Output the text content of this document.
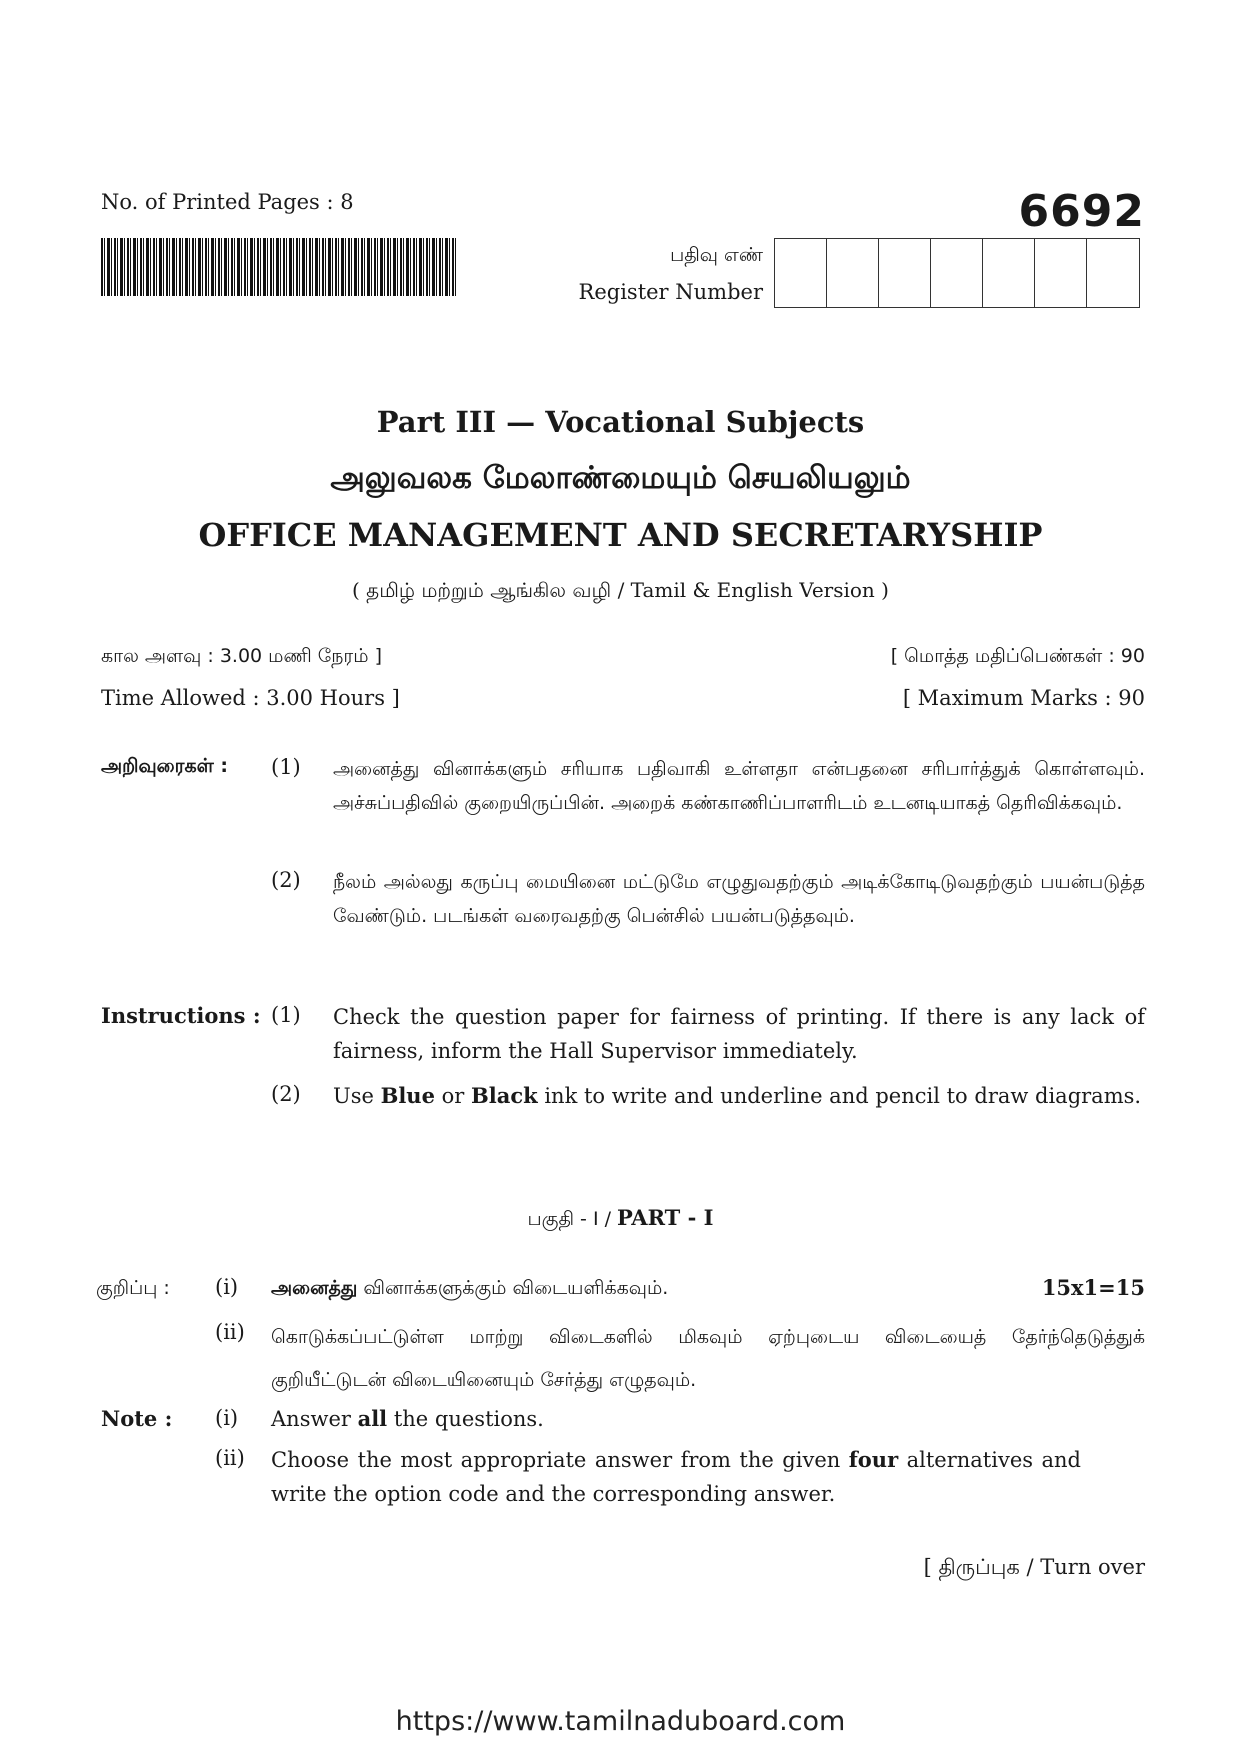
No. of Printed Pages : 8	6692
பதிவு எண்
Register Number
Part III — Vocational Subjects
அலுவலக மேலாண்மையும் செயலியலும்
OFFICE MANAGEMENT AND SECRETARYSHIP
( தமிழ் மற்றும் ஆங்கில வழி / Tamil & English Version )
கால அளவு : 3.00 மணி நேரம் ]	[ மொத்த மதிப்பெண்கள் : 90
Time Allowed : 3.00 Hours ]	[ Maximum Marks : 90
அறிவுரைகள் : (1) அனைத்து வினாக்களும் சரியாக பதிவாகி உள்ளதா என்பதனை சரிபார்த்துக் கொள்ளவும். அச்சுப்பதிவில் குறையிருப்பின். அறைக் கண்காணிப்பாளரிடம் உடனடியாகத் தெரிவிக்கவும்.
(2) நீலம் அல்லது கருப்பு மையினை மட்டுமே எழுதுவதற்கும் அடிக்கோடிடுவதற்கும் பயன்படுத்த வேண்டும். படங்கள் வரைவதற்கு பென்சில் பயன்படுத்தவும்.
Instructions : (1) Check the question paper for fairness of printing. If there is any lack of fairness, inform the Hall Supervisor immediately.
(2) Use Blue or Black ink to write and underline and pencil to draw diagrams.
பகுதி - I / PART - I
குறிப்பு : (i) அனைத்து வினாக்களுக்கும் விடையளிக்கவும்.	15x1=15
(ii) கொடுக்கப்பட்டுள்ள மாற்று விடைகளில் மிகவும் ஏற்புடைய விடையைத் தேர்ந்தெடுத்துக் குறியீட்டுடன் விடையினையும் சேர்த்து எழுதவும்.
Note : (i) Answer all the questions.
(ii) Choose the most appropriate answer from the given four alternatives and write the option code and the corresponding answer.
[ திருப்புக / Turn over
https://www.tamilnaduboard.com
